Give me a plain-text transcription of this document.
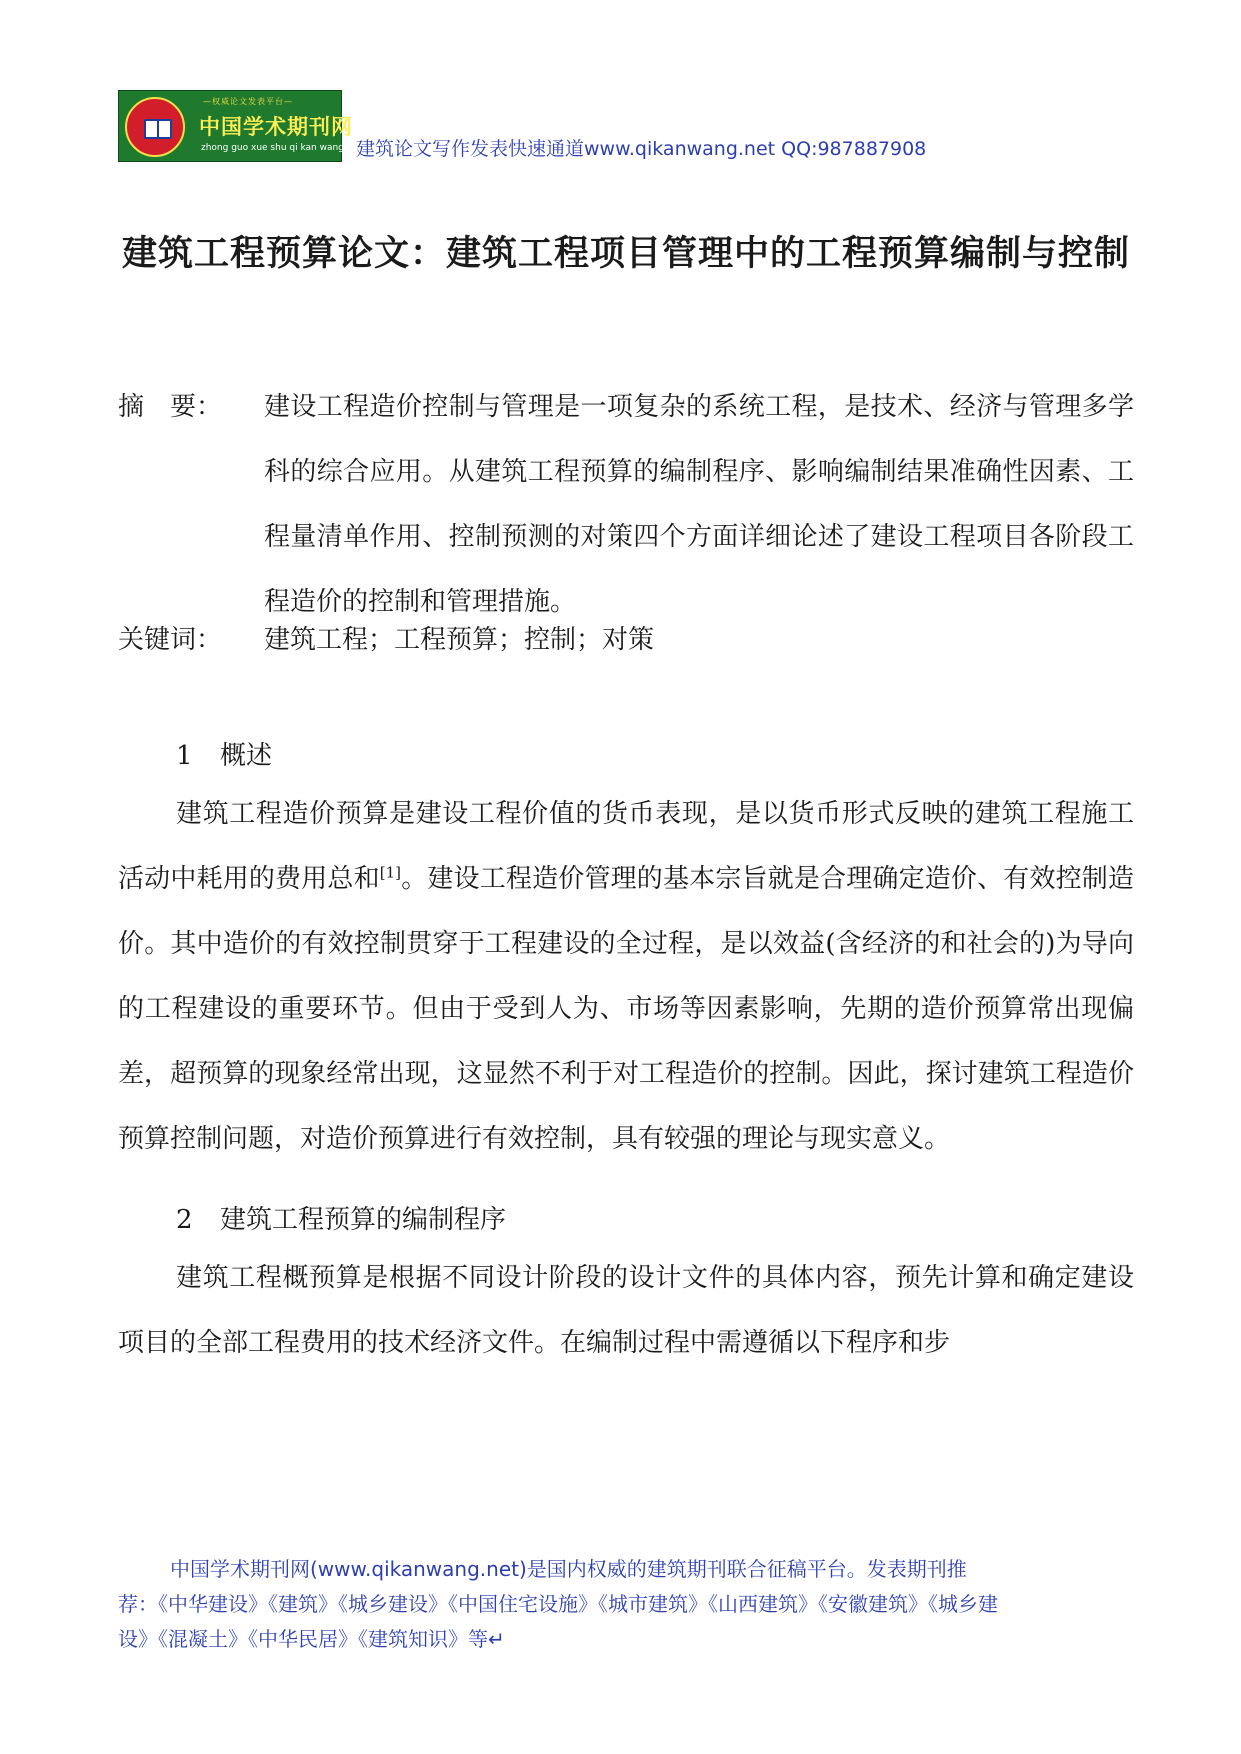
—权威论文发表平台—
中国学术期刊网
zhong guo xue shu qi kan wang 建筑论文写作发表快速通道www.qikanwang.net QQ:987887908
建筑工程预算论文：建筑工程项目管理中的工程预算编制与控制
摘　要：	建设工程造价控制与管理是一项复杂的系统工程，是技术、经济与管理多学科的综合应用。从建筑工程预算的编制程序、影响编制结果准确性因素、工程量清单作用、控制预测的对策四个方面详细论述了建设工程项目各阶段工程造价的控制和管理措施。
关键词：	建筑工程；工程预算；控制；对策
1 概述

建筑工程造价预算是建设工程价值的货币表现，是以货币形式反映的建筑工程施工活动中耗用的费用总和[1]。建设工程造价管理的基本宗旨就是合理确定造价、有效控制造价。其中造价的有效控制贯穿于工程建设的全过程，是以效益(含经济的和社会的)为导向的工程建设的重要环节。但由于受到人为、市场等因素影响，先期的造价预算常出现偏差，超预算的现象经常出现，这显然不利于对工程造价的控制。因此，探讨建筑工程造价预算控制问题，对造价预算进行有效控制，具有较强的理论与现实意义。

2 建筑工程预算的编制程序

建筑工程概预算是根据不同设计阶段的设计文件的具体内容，预先计算和确定建设项目的全部工程费用的技术经济文件。在编制过程中需遵循以下程序和步

中国学术期刊网(www.qikanwang.net)是国内权威的建筑期刊联合征稿平台。发表期刊推荐：《中华建设》《建筑》《城乡建设》《中国住宅设施》《城市建筑》《山西建筑》《安徽建筑》《城乡建设》《混凝土》《中华民居》《建筑知识》等↵
